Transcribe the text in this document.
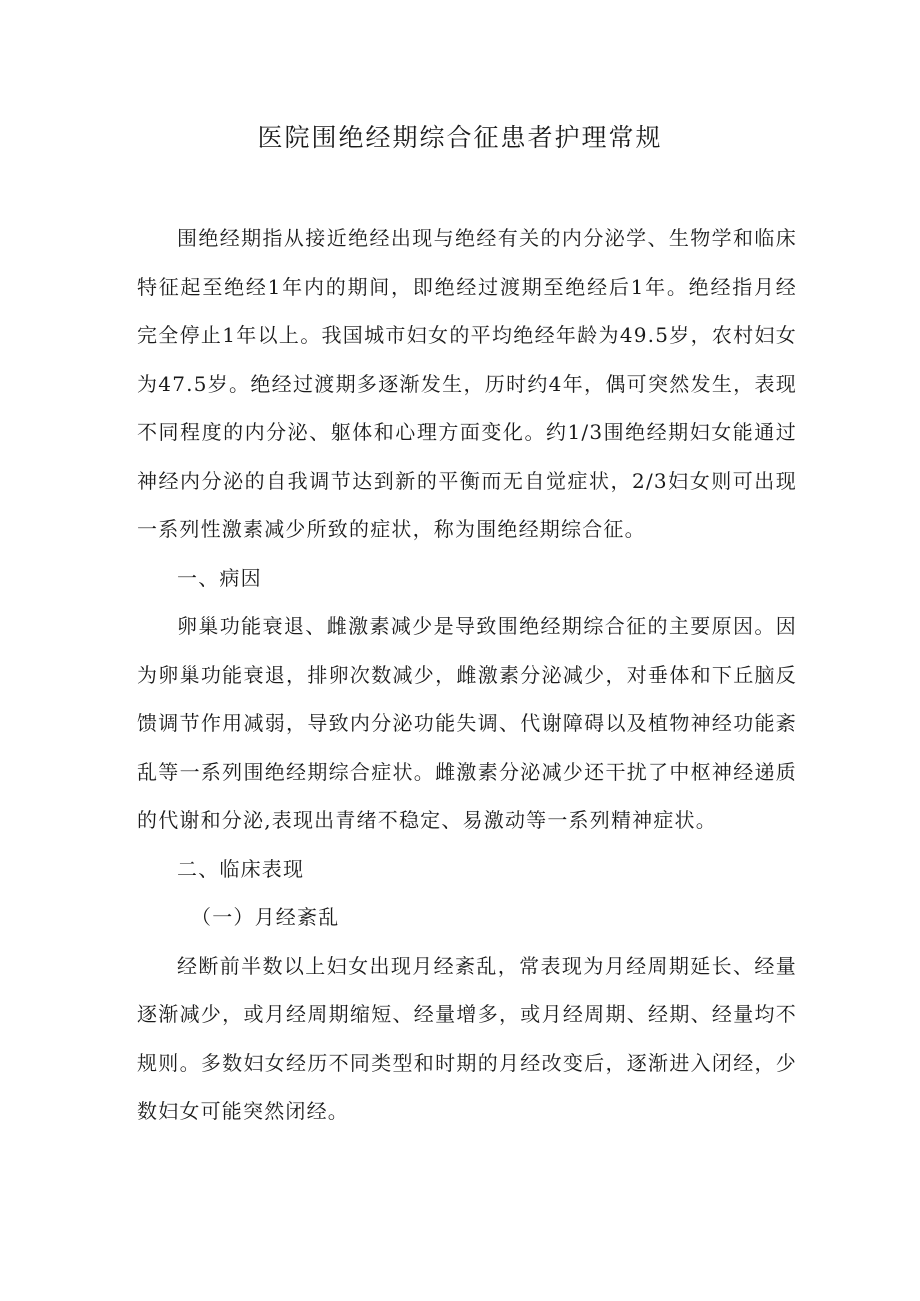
医院围绝经期综合征患者护理常规

围绝经期指从接近绝经出现与绝经有关的内分泌学、生物学和临床特征起至绝经1年内的期间，即绝经过渡期至绝经后1年。绝经指月经完全停止1年以上。我国城市妇女的平均绝经年龄为49.5岁，农村妇女为47.5岁。绝经过渡期多逐渐发生，历时约4年，偶可突然发生，表现不同程度的内分泌、躯体和心理方面变化。约1/3围绝经期妇女能通过神经内分泌的自我调节达到新的平衡而无自觉症状，2/3妇女则可出现一系列性激素减少所致的症状，称为围绝经期综合征。

一、病因

卵巢功能衰退、雌激素减少是导致围绝经期综合征的主要原因。因为卵巢功能衰退，排卵次数减少，雌激素分泌减少，对垂体和下丘脑反馈调节作用减弱，导致内分泌功能失调、代谢障碍以及植物神经功能紊乱等一系列围绝经期综合症状。雌激素分泌减少还干扰了中枢神经递质的代谢和分泌,表现出青绪不稳定、易激动等一系列精神症状。

二、临床表现

（一）月经紊乱

经断前半数以上妇女出现月经紊乱，常表现为月经周期延长、经量逐渐减少，或月经周期缩短、经量增多，或月经周期、经期、经量均不规则。多数妇女经历不同类型和时期的月经改变后，逐渐进入闭经，少数妇女可能突然闭经。
